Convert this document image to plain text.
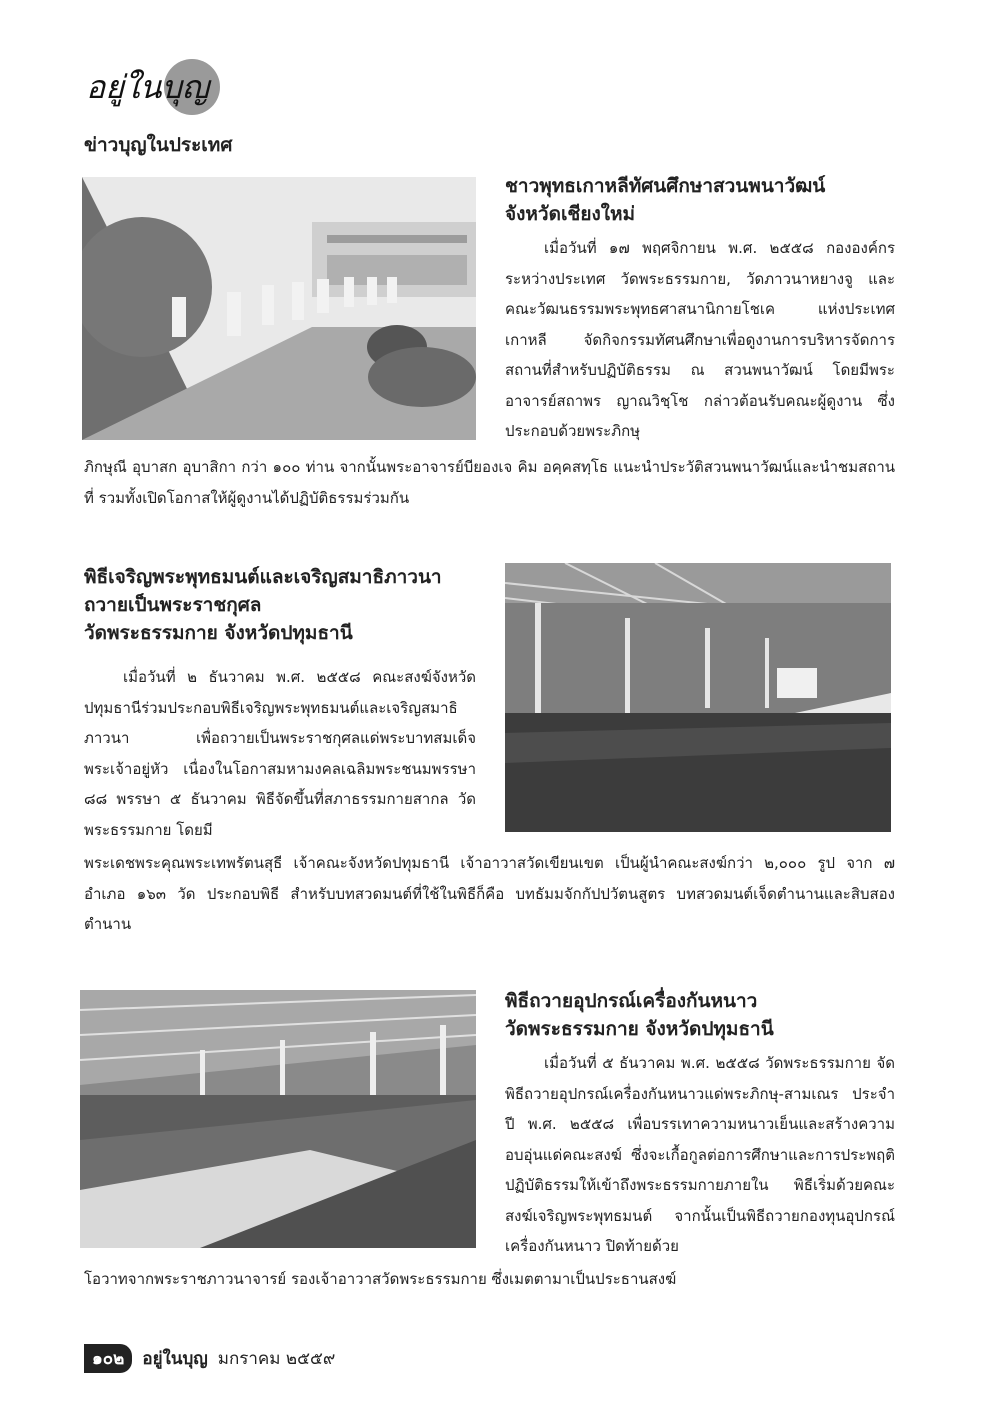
อยู่ในบุญ
ข่าวบุญในประเทศ
ชาวพุทธเกาหลีทัศนศึกษาสวนพนาวัฒน์
จังหวัดเชียงใหม่

เมื่อวันที่ ๑๗ พฤศจิกายน พ.ศ. ๒๕๕๘ กององค์กรระหว่างประเทศ วัดพระธรรมกาย, วัดภาวนาหยางจู และคณะวัฒนธรรมพระพุทธศาสนานิกายโชเค แห่งประเทศเกาหลี จัดกิจกรรมทัศนศึกษาเพื่อดูงานการบริหารจัดการสถานที่สำหรับปฏิบัติธรรม ณ สวนพนาวัฒน์ โดยมีพระอาจารย์สถาพร ญาณวิชฺโช กล่าวต้อนรับคณะผู้ดูงาน ซึ่งประกอบด้วยพระภิกษุ

ภิกษุณี อุบาสก อุบาสิกา กว่า ๑๐๐ ท่าน จากนั้นพระอาจารย์บียองเจ คิม อคฺคสทฺโธ แนะนำประวัติสวนพนาวัฒน์และนำชมสถานที่ รวมทั้งเปิดโอกาสให้ผู้ดูงานได้ปฏิบัติธรรมร่วมกัน

พิธีเจริญพระพุทธมนต์และเจริญสมาธิภาวนา
ถวายเป็นพระราชกุศล
วัดพระธรรมกาย จังหวัดปทุมธานี

เมื่อวันที่ ๒ ธันวาคม พ.ศ. ๒๕๕๘ คณะสงฆ์จังหวัดปทุมธานีร่วมประกอบพิธีเจริญพระพุทธมนต์และเจริญสมาธิภาวนา เพื่อถวายเป็นพระราชกุศลแด่พระบาทสมเด็จพระเจ้าอยู่หัว เนื่องในโอกาสมหามงคลเฉลิมพระชนมพรรษา ๘๘ พรรษา ๕ ธันวาคม พิธีจัดขึ้นที่สภาธรรมกายสากล วัดพระธรรมกาย โดยมี

พระเดชพระคุณพระเทพรัตนสุธี เจ้าคณะจังหวัดปทุมธานี เจ้าอาวาสวัดเขียนเขต เป็นผู้นำคณะสงฆ์กว่า ๒,๐๐๐ รูป จาก ๗ อำเภอ ๑๖๓ วัด ประกอบพิธี สำหรับบทสวดมนต์ที่ใช้ในพิธีก็คือ บทธัมมจักกัปปวัตนสูตร บทสวดมนต์เจ็ดตำนานและสิบสองตำนาน

พิธีถวายอุปกรณ์เครื่องกันหนาว
วัดพระธรรมกาย จังหวัดปทุมธานี

เมื่อวันที่ ๕ ธันวาคม พ.ศ. ๒๕๕๘ วัดพระธรรมกาย จัดพิธีถวายอุปกรณ์เครื่องกันหนาวแด่พระภิกษุ-สามเณร ประจำปี พ.ศ. ๒๕๕๘ เพื่อบรรเทาความหนาวเย็นและสร้างความอบอุ่นแด่คณะสงฆ์ ซึ่งจะเกื้อกูลต่อการศึกษาและการประพฤติปฏิบัติธรรมให้เข้าถึงพระธรรมกายภายใน พิธีเริ่มด้วยคณะสงฆ์เจริญพระพุทธมนต์ จากนั้นเป็นพิธีถวายกองทุนอุปกรณ์เครื่องกันหนาว ปิดท้ายด้วย

โอวาทจากพระราชภาวนาจารย์ รองเจ้าอาวาสวัดพระธรรมกาย ซึ่งเมตตามาเป็นประธานสงฆ์

๑๐๒	อยู่ในบุญ มกราคม ๒๕๕๙
